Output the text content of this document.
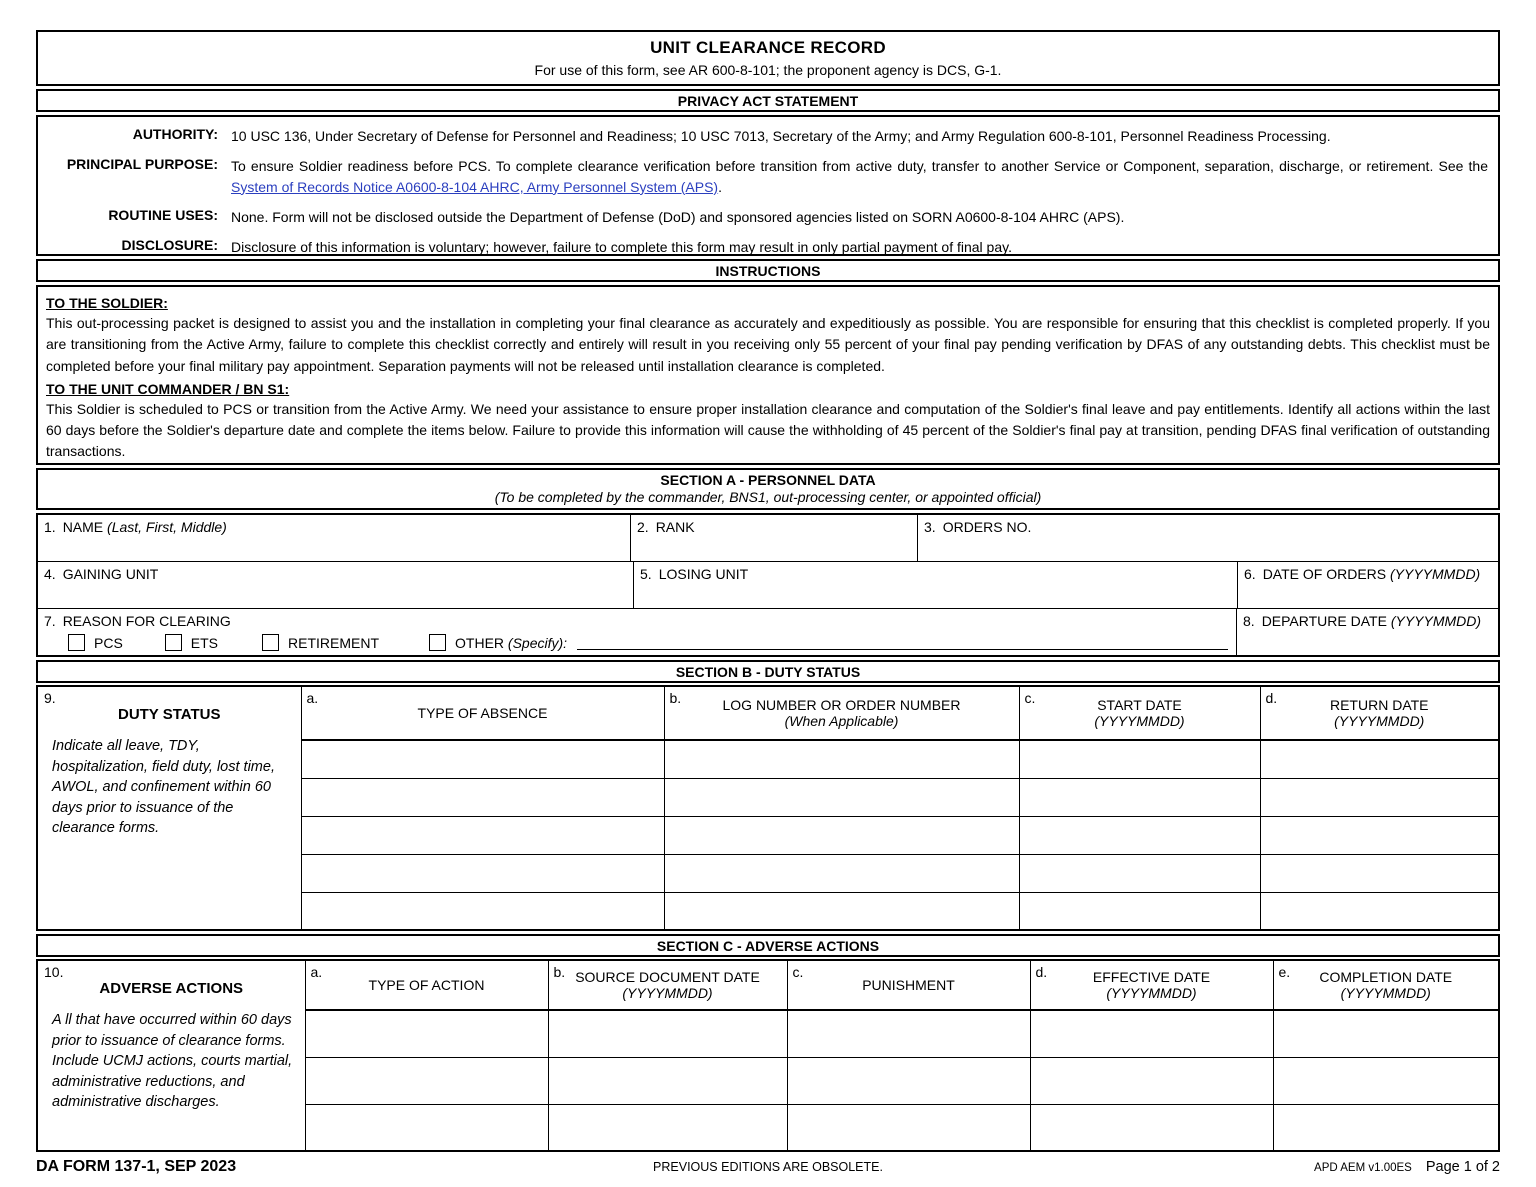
UNIT CLEARANCE RECORD
For use of this form, see AR 600-8-101; the proponent agency is DCS, G-1.
PRIVACY ACT STATEMENT
AUTHORITY: 10 USC 136, Under Secretary of Defense for Personnel and Readiness; 10 USC 7013, Secretary of the Army; and Army Regulation 600-8-101, Personnel Readiness Processing.
PRINCIPAL PURPOSE: To ensure Soldier readiness before PCS. To complete clearance verification before transition from active duty, transfer to another Service or Component, separation, discharge, or retirement. See the System of Records Notice A0600-8-104 AHRC, Army Personnel System (APS).
ROUTINE USES: None. Form will not be disclosed outside the Department of Defense (DoD) and sponsored agencies listed on SORN A0600-8-104 AHRC (APS).
DISCLOSURE: Disclosure of this information is voluntary; however, failure to complete this form may result in only partial payment of final pay.
INSTRUCTIONS
TO THE SOLDIER:

This out-processing packet is designed to assist you and the installation in completing your final clearance as accurately and expeditiously as possible. You are responsible for ensuring that this checklist is completed properly. If you are transitioning from the Active Army, failure to complete this checklist correctly and entirely will result in you receiving only 55 percent of your final pay pending verification by DFAS of any outstanding debts. This checklist must be completed before your final military pay appointment. Separation payments will not be released until installation clearance is completed.

TO THE UNIT COMMANDER / BN S1:

This Soldier is scheduled to PCS or transition from the Active Army. We need your assistance to ensure proper installation clearance and computation of the Soldier's final leave and pay entitlements. Identify all actions within the last 60 days before the Soldier's departure date and complete the items below. Failure to provide this information will cause the withholding of 45 percent of the Soldier's final pay at transition, pending DFAS final verification of outstanding transactions.

SECTION A - PERSONNEL DATA
(To be completed by the commander, BNS1, out-processing center, or appointed official)
1. NAME (Last, First, Middle)	2. RANK	3. ORDERS NO.
4. GAINING UNIT	5. LOSING UNIT	6. DATE OF ORDERS (YYYYMMDD)
7. REASON FOR CLEARING
PCS	ETS	RETIREMENT	OTHER
(Specify):
8. DEPARTURE DATE (YYYYMMDD)
SECTION B - DUTY STATUS
9.
DUTY STATUS
Indicate all leave, TDY, hospitalization, field duty, lost time, AWOL, and confinement within 60 days prior to issuance of the clearance forms.

a.
TYPE OF ABSENCE

b.	LOG NUMBER OR ORDER NUMBER
(When Applicable)

c.	START DATE
(YYYYMMDD)

d.	RETURN DATE
(YYYYMMDD)

SECTION C - ADVERSE ACTIONS
10.
ADVERSE ACTIONS
A ll that have occurred within 60 days prior to issuance of clearance forms. Include UCMJ actions, courts martial, administrative reductions, and administrative discharges.

a.
TYPE OF ACTION

b. SOURCE DOCUMENT DATE
(YYYYMMDD)

c.
PUNISHMENT

d.	EFFECTIVE DATE
(YYYYMMDD)

e.	COMPLETION DATE
(YYYYMMDD)

DA FORM 137-1, SEP 2023	PREVIOUS EDITIONS ARE OBSOLETE.	APD AEM v1.00ES Page 1 of 2
